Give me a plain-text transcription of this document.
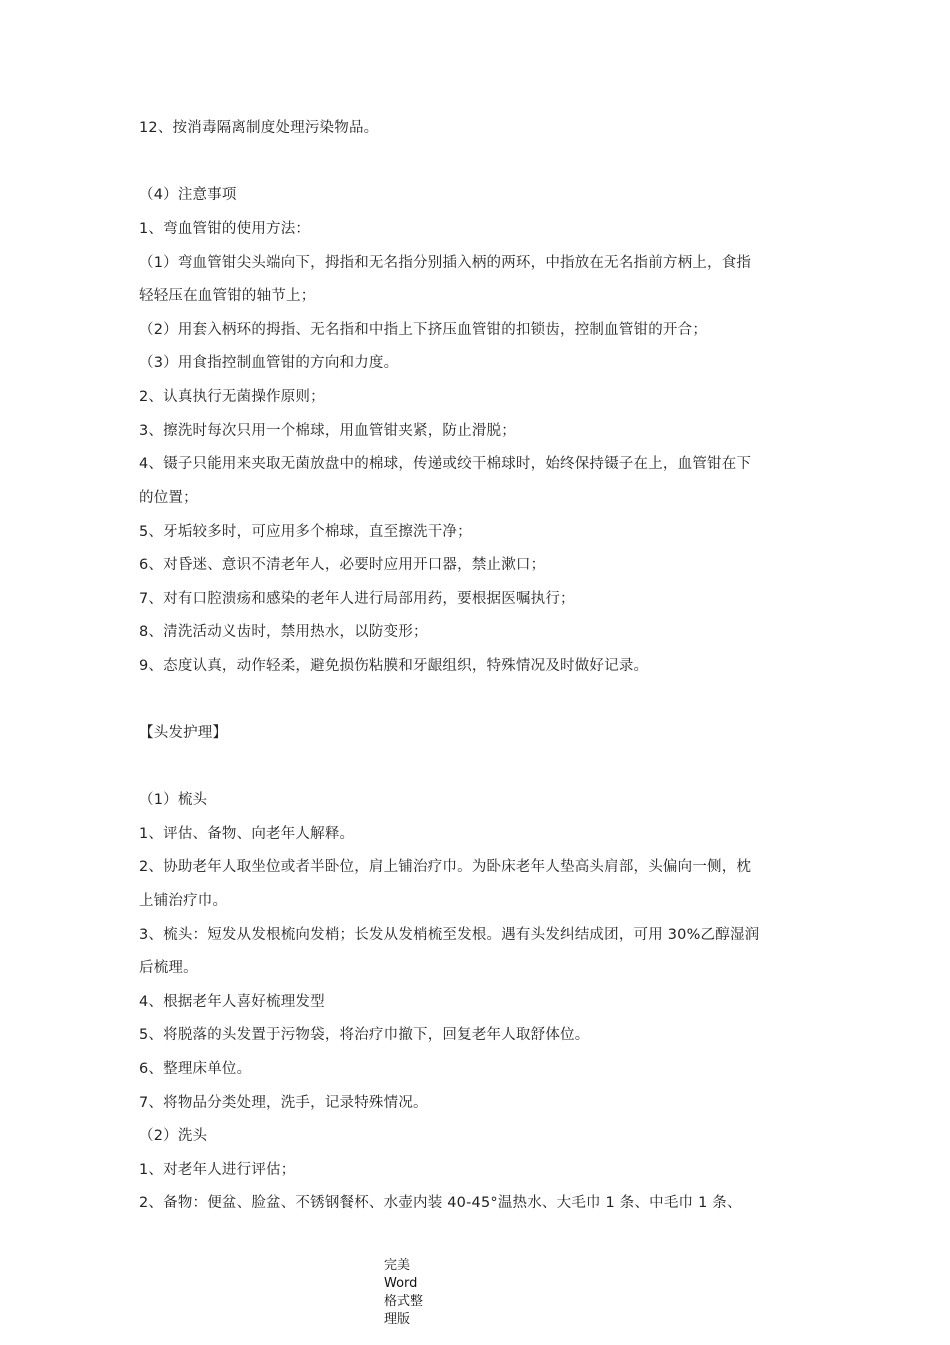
12、按消毒隔离制度处理污染物品。
（4）注意事项
1、弯血管钳的使用方法：
（1）弯血管钳尖头端向下，拇指和无名指分别插入柄的两环，中指放在无名指前方柄上，食指
轻轻压在血管钳的轴节上；
（2）用套入柄环的拇指、无名指和中指上下挤压血管钳的扣锁齿，控制血管钳的开合；
（3）用食指控制血管钳的方向和力度。
2、认真执行无菌操作原则；
3、擦洗时每次只用一个棉球，用血管钳夹紧，防止滑脱；
4、镊子只能用来夹取无菌放盘中的棉球，传递或绞干棉球时，始终保持镊子在上，血管钳在下
的位置；
5、牙垢较多时，可应用多个棉球，直至擦洗干净；
6、对昏迷、意识不清老年人，必要时应用开口器，禁止漱口；
7、对有口腔溃疡和感染的老年人进行局部用药，要根据医嘱执行；
8、清洗活动义齿时，禁用热水，以防变形；
9、态度认真，动作轻柔，避免损伤粘膜和牙龈组织，特殊情况及时做好记录。
【头发护理】
（1）梳头
1、评估、备物、向老年人解释。
2、协助老年人取坐位或者半卧位，肩上铺治疗巾。为卧床老年人垫高头肩部，头偏向一侧，枕
上铺治疗巾。
3、梳头：短发从发根梳向发梢；长发从发梢梳至发根。遇有头发纠结成团，可用 30%乙醇湿润
后梳理。
4、根据老年人喜好梳理发型
5、将脱落的头发置于污物袋，将治疗巾撤下，回复老年人取舒体位。
6、整理床单位。
7、将物品分类处理，洗手，记录特殊情况。
（2）洗头
1、对老年人进行评估；
2、备物：便盆、脸盆、不锈钢餐杯、水壶内装 40-45°温热水、大毛巾 1 条、中毛巾 1 条、
完美
Word
格式整
理版
